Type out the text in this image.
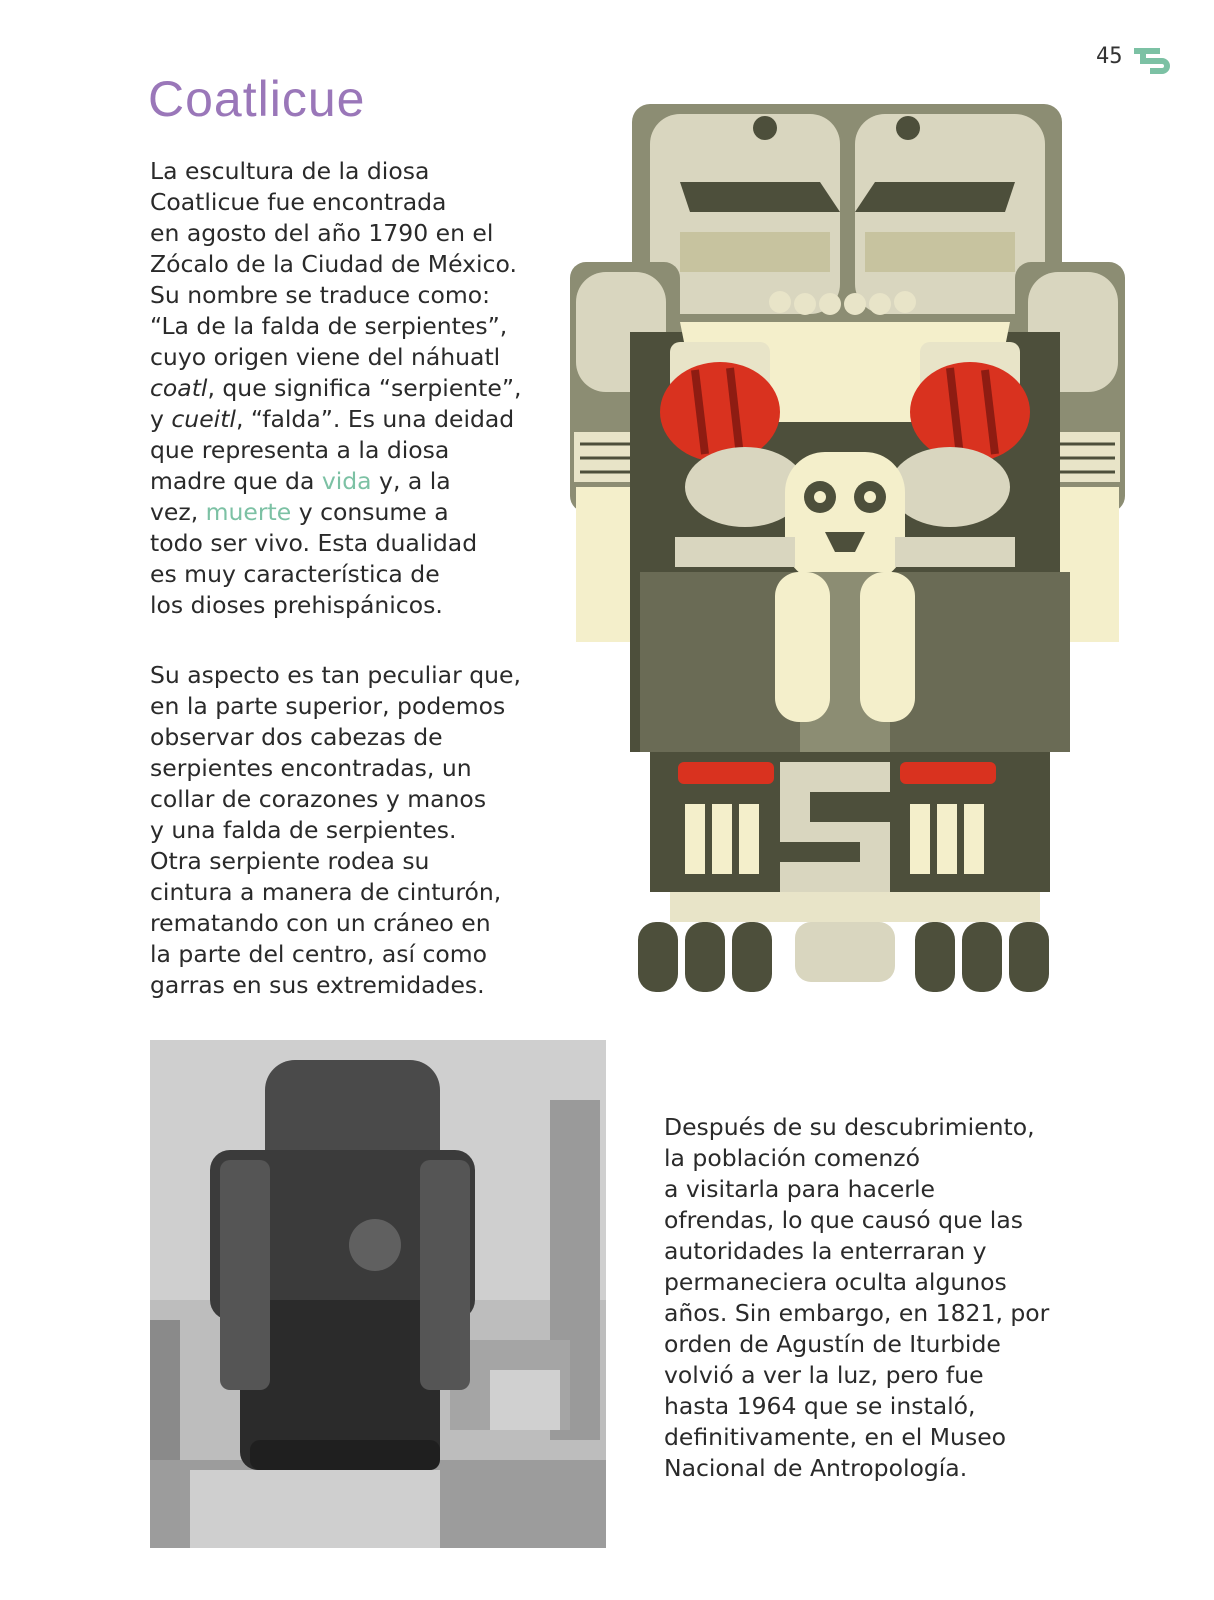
45
Coatlicue

La escultura de la diosa
Coatlicue fue encontrada
en agosto del año 1790 en el
Zócalo de la Ciudad de México.
Su nombre se traduce como:
“La de la falda de serpientes”,
cuyo origen viene del náhuatl
coatl, que significa “serpiente”,
y cueitl, “falda”. Es una deidad
que representa a la diosa
madre que da vida y, a la
vez, muerte y consume a
todo ser vivo. Esta dualidad
es muy característica de
los dioses prehispánicos.

Su aspecto es tan peculiar que,
en la parte superior, podemos
observar dos cabezas de
serpientes encontradas, un
collar de corazones y manos
y una falda de serpientes.
Otra serpiente rodea su
cintura a manera de cinturón,
rematando con un cráneo en
la parte del centro, así como
garras en sus extremidades.

Después de su descubrimiento,
la población comenzó
a visitarla para hacerle
ofrendas, lo que causó que las
autoridades la enterraran y
permaneciera oculta algunos
años. Sin embargo, en 1821, por
orden de Agustín de Iturbide
volvió a ver la luz, pero fue
hasta 1964 que se instaló,
definitivamente, en el Museo
Nacional de Antropología.
